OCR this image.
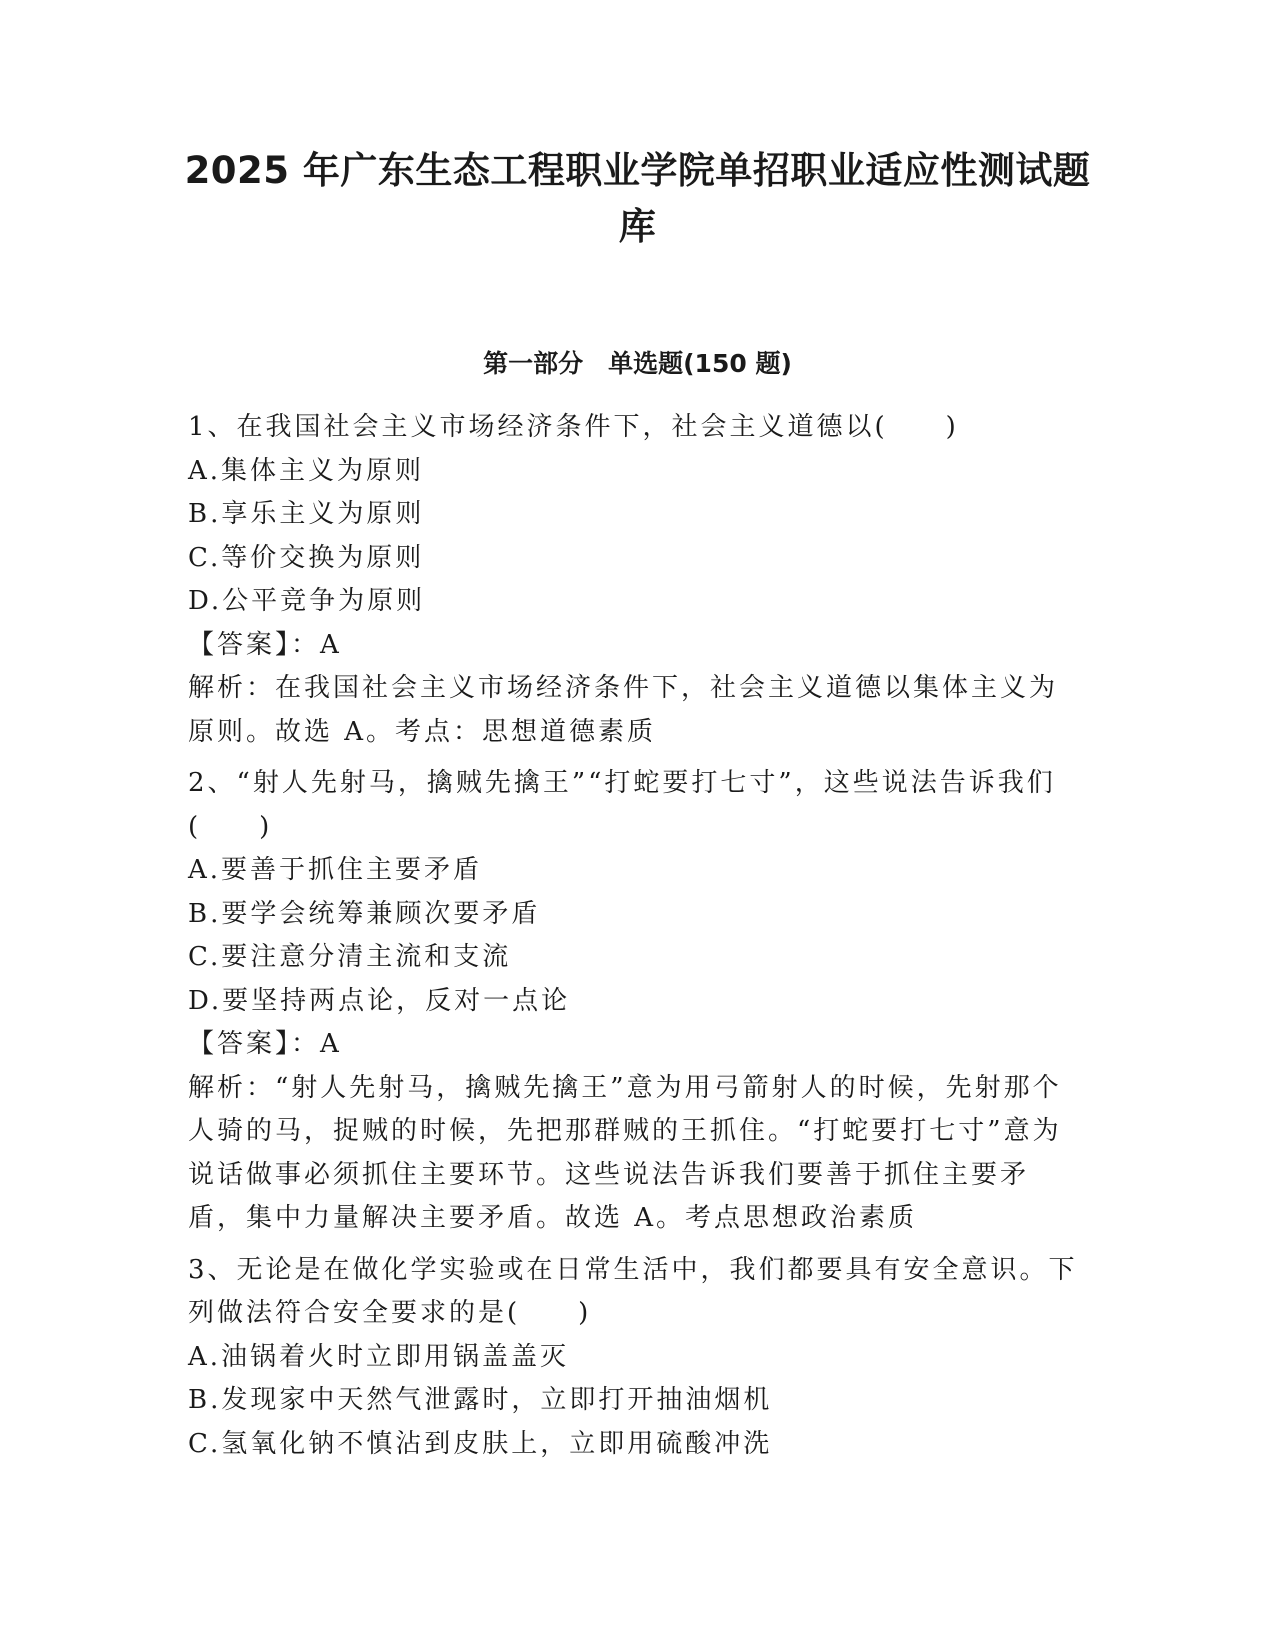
2025 年广东生态工程职业学院单招职业适应性测试题
库
第一部分　单选题(150 题)
1、在我国社会主义市场经济条件下，社会主义道德以(　　)
A.集体主义为原则
B.享乐主义为原则
C.等价交换为原则
D.公平竞争为原则
【答案】：A
解析：在我国社会主义市场经济条件下，社会主义道德以集体主义为原则。故选 A。考点：思想道德素质
2、“射人先射马，擒贼先擒王”“打蛇要打七寸”，这些说法告诉我们(　　)
A.要善于抓住主要矛盾
B.要学会统筹兼顾次要矛盾
C.要注意分清主流和支流
D.要坚持两点论，反对一点论
【答案】：A
解析：“射人先射马，擒贼先擒王”意为用弓箭射人的时候，先射那个人骑的马，捉贼的时候，先把那群贼的王抓住。“打蛇要打七寸”意为说话做事必须抓住主要环节。这些说法告诉我们要善于抓住主要矛盾，集中力量解决主要矛盾。故选 A。考点思想政治素质
3、无论是在做化学实验或在日常生活中，我们都要具有安全意识。下列做法符合安全要求的是(　　)
A.油锅着火时立即用锅盖盖灭
B.发现家中天然气泄露时，立即打开抽油烟机
C.氢氧化钠不慎沾到皮肤上，立即用硫酸冲洗
